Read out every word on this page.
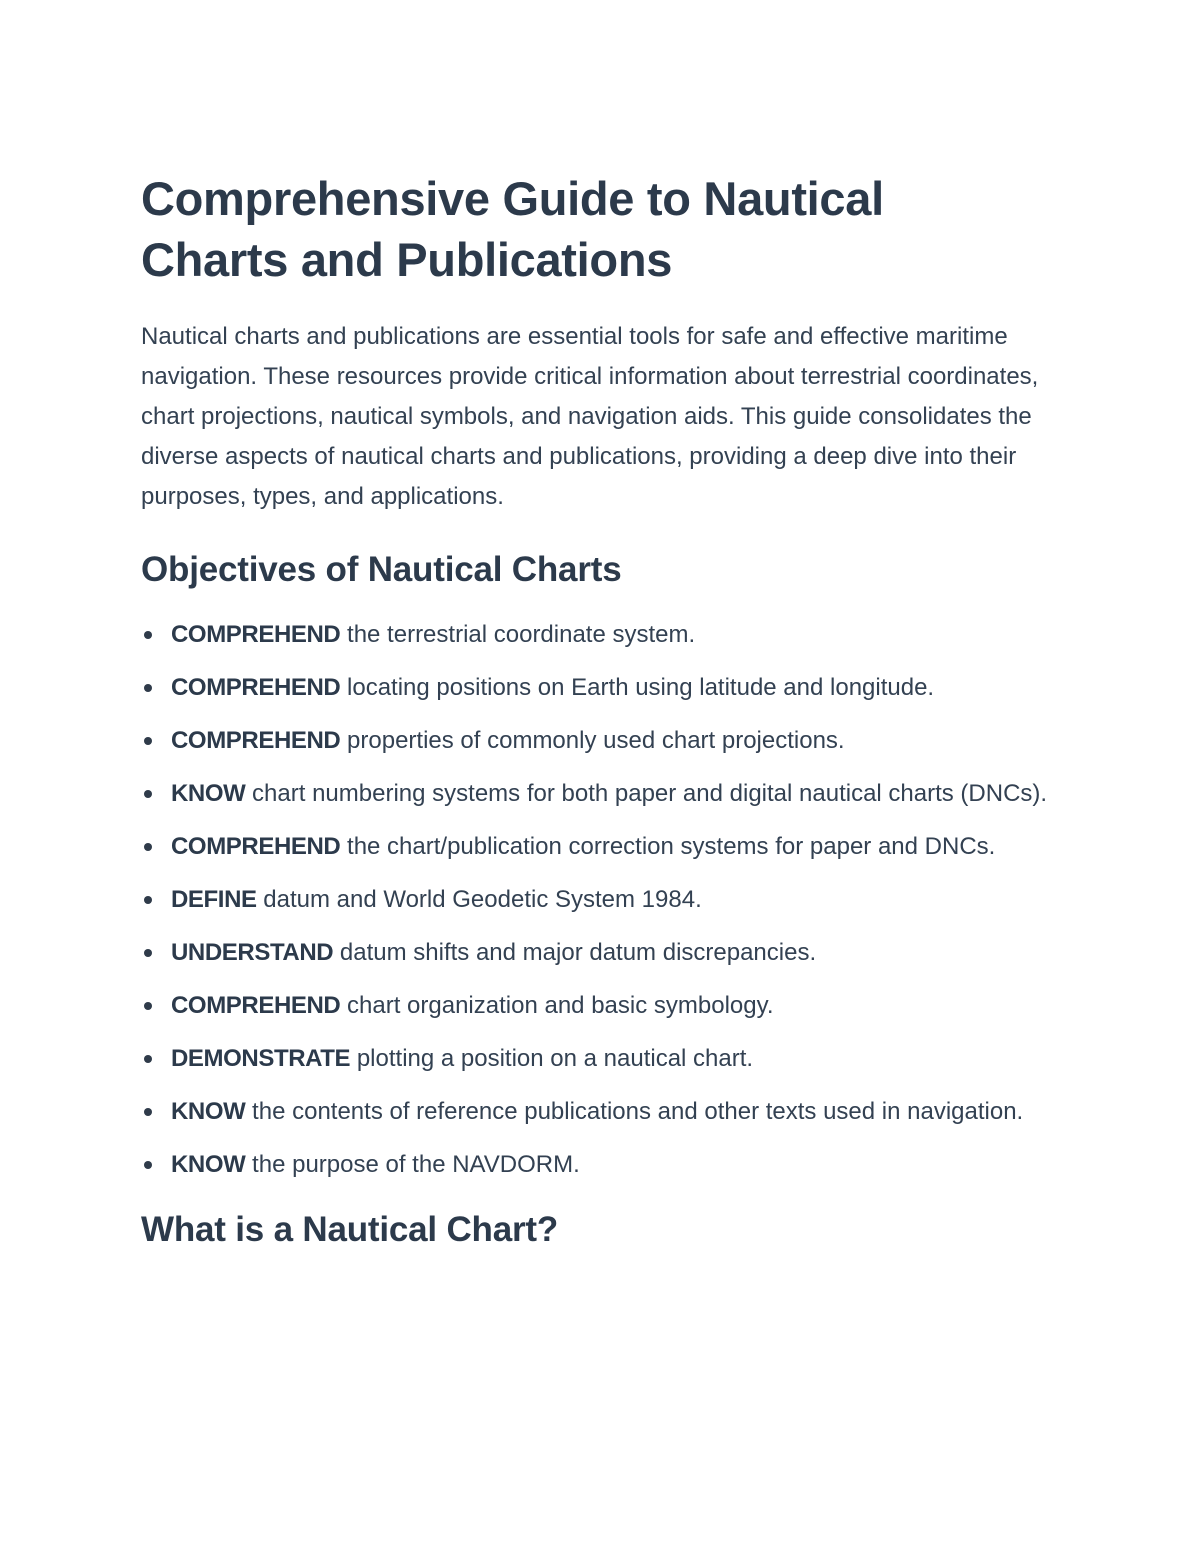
Comprehensive Guide to Nautical Charts and Publications

Nautical charts and publications are essential tools for safe and effective maritime navigation. These resources provide critical information about terrestrial coordinates, chart projections, nautical symbols, and navigation aids. This guide consolidates the diverse aspects of nautical charts and publications, providing a deep dive into their purposes, types, and applications.

Objectives of Nautical Charts
COMPREHEND the terrestrial coordinate system.
COMPREHEND locating positions on Earth using latitude and longitude.
COMPREHEND properties of commonly used chart projections.
KNOW chart numbering systems for both paper and digital nautical charts (DNCs).
COMPREHEND the chart/publication correction systems for paper and DNCs.
DEFINE datum and World Geodetic System 1984.
UNDERSTAND datum shifts and major datum discrepancies.
COMPREHEND chart organization and basic symbology.
DEMONSTRATE plotting a position on a nautical chart.
KNOW the contents of reference publications and other texts used in navigation.
KNOW the purpose of the NAVDORM.
What is a Nautical Chart?
